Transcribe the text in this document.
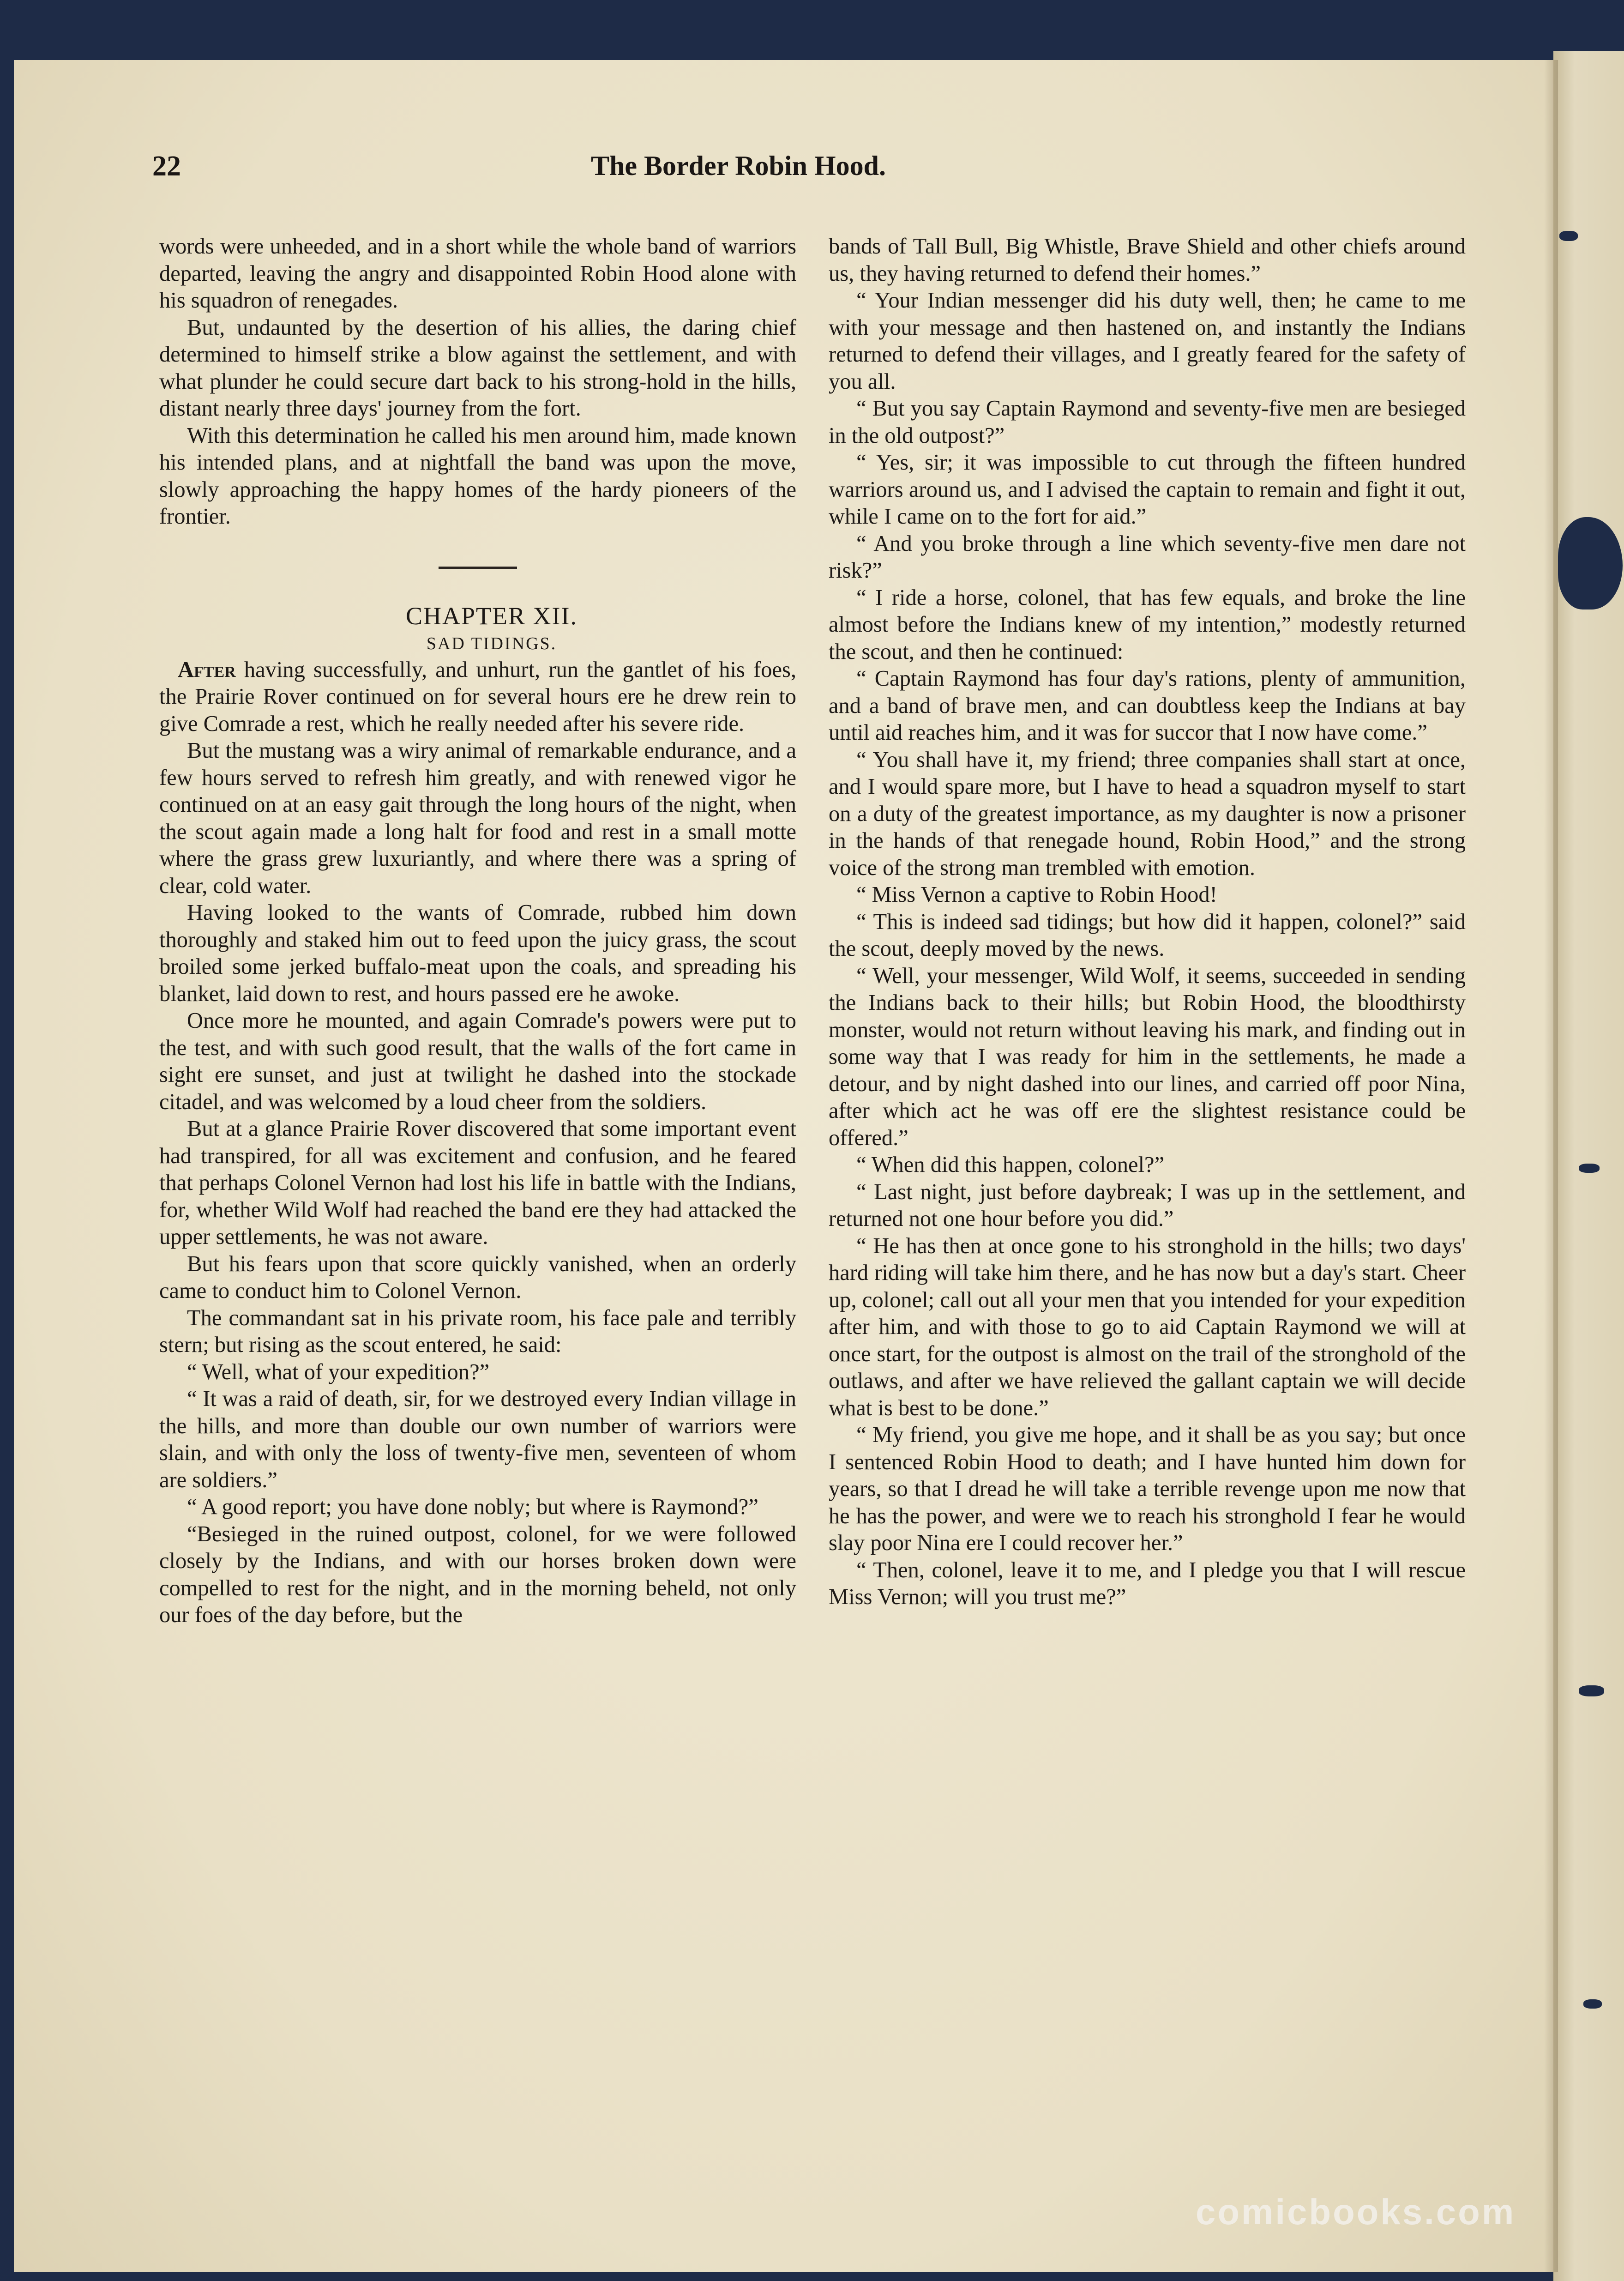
22	The Border Robin Hood.

words were unheeded, and in a short while the whole band of warriors departed, leaving the angry and disappointed Robin Hood alone with his squadron of renegades.

But, undaunted by the desertion of his allies, the daring chief determined to himself strike a blow against the settlement, and with what plunder he could secure dart back to his strong-hold in the hills, distant nearly three days' journey from the fort.

With this determination he called his men around him, made known his intended plans, and at nightfall the band was upon the move, slowly approaching the happy homes of the hardy pioneers of the frontier.

CHAPTER XII.

SAD TIDINGS.

After having successfully, and unhurt, run the gantlet of his foes, the Prairie Rover continued on for several hours ere he drew rein to give Comrade a rest, which he really needed after his severe ride.

But the mustang was a wiry animal of remarkable endurance, and a few hours served to refresh him greatly, and with renewed vigor he continued on at an easy gait through the long hours of the night, when the scout again made a long halt for food and rest in a small motte where the grass grew luxuriantly, and where there was a spring of clear, cold water.

Having looked to the wants of Comrade, rubbed him down thoroughly and staked him out to feed upon the juicy grass, the scout broiled some jerked buffalo-meat upon the coals, and spreading his blanket, laid down to rest, and hours passed ere he awoke.

Once more he mounted, and again Comrade's powers were put to the test, and with such good result, that the walls of the fort came in sight ere sunset, and just at twilight he dashed into the stockade citadel, and was welcomed by a loud cheer from the soldiers.

But at a glance Prairie Rover discovered that some important event had transpired, for all was excitement and confusion, and he feared that perhaps Colonel Vernon had lost his life in battle with the Indians, for, whether Wild Wolf had reached the band ere they had attacked the upper settlements, he was not aware.

But his fears upon that score quickly vanished, when an orderly came to conduct him to Colonel Vernon.

The commandant sat in his private room, his face pale and terribly stern; but rising as the scout entered, he said:

“ Well, what of your expedition?”

“ It was a raid of death, sir, for we destroyed every Indian village in the hills, and more than double our own number of warriors were slain, and with only the loss of twenty-five men, seventeen of whom are soldiers.”

“ A good report; you have done nobly; but where is Raymond?”

“Besieged in the ruined outpost, colonel, for we were followed closely by the Indians, and with our horses broken down were compelled to rest for the night, and in the morning beheld, not only our foes of the day before, but the

bands of Tall Bull, Big Whistle, Brave Shield and other chiefs around us, they having returned to defend their homes.”

“ Your Indian messenger did his duty well, then; he came to me with your message and then hastened on, and instantly the Indians returned to defend their villages, and I greatly feared for the safety of you all.

“ But you say Captain Raymond and seventy-five men are besieged in the old outpost?”

“ Yes, sir; it was impossible to cut through the fifteen hundred warriors around us, and I advised the captain to remain and fight it out, while I came on to the fort for aid.”

“ And you broke through a line which seventy-five men dare not risk?”

“ I ride a horse, colonel, that has few equals, and broke the line almost before the Indians knew of my intention,” modestly returned the scout, and then he continued:

“ Captain Raymond has four day's rations, plenty of ammunition, and a band of brave men, and can doubtless keep the Indians at bay until aid reaches him, and it was for succor that I now have come.”

“ You shall have it, my friend; three companies shall start at once, and I would spare more, but I have to head a squadron myself to start on a duty of the greatest importance, as my daughter is now a prisoner in the hands of that renegade hound, Robin Hood,” and the strong voice of the strong man trembled with emotion.

“ Miss Vernon a captive to Robin Hood!

“ This is indeed sad tidings; but how did it happen, colonel?” said the scout, deeply moved by the news.

“ Well, your messenger, Wild Wolf, it seems, succeeded in sending the Indians back to their hills; but Robin Hood, the bloodthirsty monster, would not return without leaving his mark, and finding out in some way that I was ready for him in the settlements, he made a detour, and by night dashed into our lines, and carried off poor Nina, after which act he was off ere the slightest resistance could be offered.”

“ When did this happen, colonel?”

“ Last night, just before daybreak; I was up in the settlement, and returned not one hour before you did.”

“ He has then at once gone to his stronghold in the hills; two days' hard riding will take him there, and he has now but a day's start. Cheer up, colonel; call out all your men that you intended for your expedition after him, and with those to go to aid Captain Raymond we will at once start, for the outpost is almost on the trail of the stronghold of the outlaws, and after we have relieved the gallant captain we will decide what is best to be done.”

“ My friend, you give me hope, and it shall be as you say; but once I sentenced Robin Hood to death; and I have hunted him down for years, so that I dread he will take a terrible revenge upon me now that he has the power, and were we to reach his stronghold I fear he would slay poor Nina ere I could recover her.”

“ Then, colonel, leave it to me, and I pledge you that I will rescue Miss Vernon; will you trust me?”

comicbooks.com
